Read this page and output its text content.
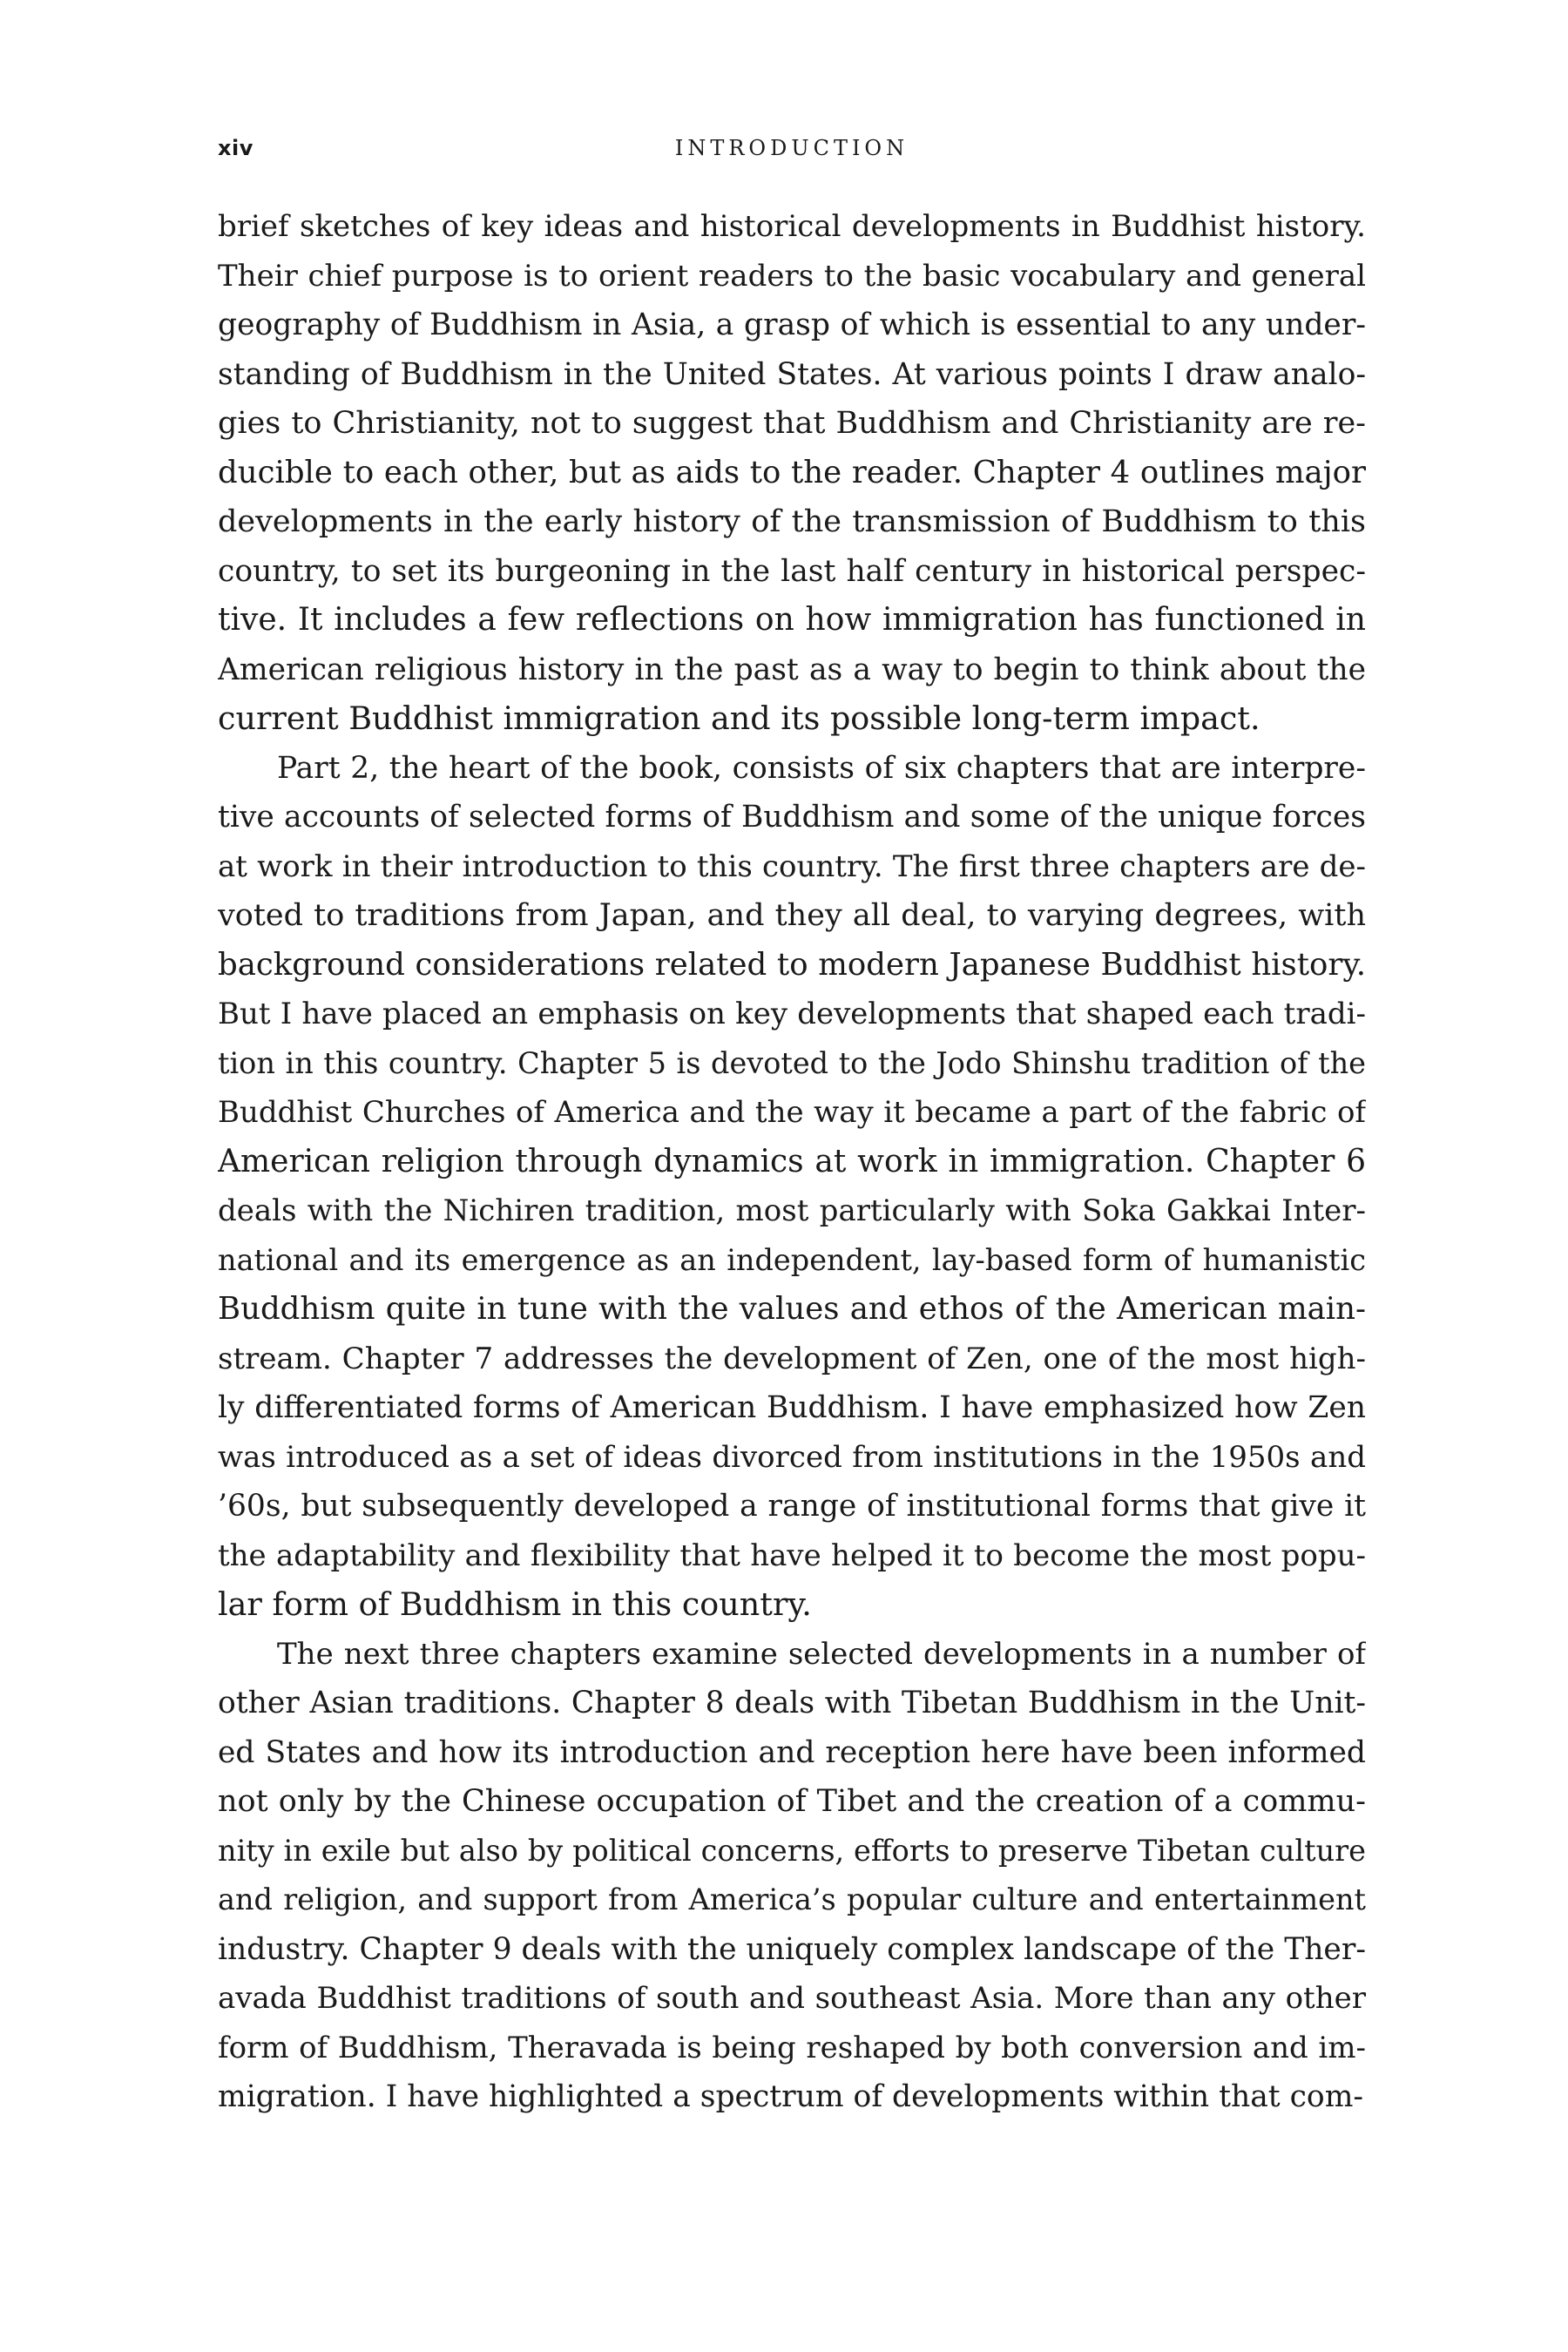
xiv	INTRODUCTION
brief sketches of key ideas and historical developments in Buddhist history.
Their chief purpose is to orient readers to the basic vocabulary and general
geography of Buddhism in Asia, a grasp of which is essential to any under-
standing of Buddhism in the United States. At various points I draw analo-
gies to Christianity, not to suggest that Buddhism and Christianity are re-
ducible to each other, but as aids to the reader. Chapter 4 outlines major
developments in the early history of the transmission of Buddhism to this
country, to set its burgeoning in the last half century in historical perspec-
tive. It includes a few reflections on how immigration has functioned in
American religious history in the past as a way to begin to think about the
current Buddhist immigration and its possible long-term impact.
Part 2, the heart of the book, consists of six chapters that are interpre-
tive accounts of selected forms of Buddhism and some of the unique forces
at work in their introduction to this country. The first three chapters are de-
voted to traditions from Japan, and they all deal, to varying degrees, with
background considerations related to modern Japanese Buddhist history.
But I have placed an emphasis on key developments that shaped each tradi-
tion in this country. Chapter 5 is devoted to the Jodo Shinshu tradition of the
Buddhist Churches of America and the way it became a part of the fabric of
American religion through dynamics at work in immigration. Chapter 6
deals with the Nichiren tradition, most particularly with Soka Gakkai Inter-
national and its emergence as an independent, lay-based form of humanistic
Buddhism quite in tune with the values and ethos of the American main-
stream. Chapter 7 addresses the development of Zen, one of the most high-
ly differentiated forms of American Buddhism. I have emphasized how Zen
was introduced as a set of ideas divorced from institutions in the 1950s and
’60s, but subsequently developed a range of institutional forms that give it
the adaptability and flexibility that have helped it to become the most popu-
lar form of Buddhism in this country.
The next three chapters examine selected developments in a number of
other Asian traditions. Chapter 8 deals with Tibetan Buddhism in the Unit-
ed States and how its introduction and reception here have been informed
not only by the Chinese occupation of Tibet and the creation of a commu-
nity in exile but also by political concerns, efforts to preserve Tibetan culture
and religion, and support from America’s popular culture and entertainment
industry. Chapter 9 deals with the uniquely complex landscape of the Ther-
avada Buddhist traditions of south and southeast Asia. More than any other
form of Buddhism, Theravada is being reshaped by both conversion and im-
migration. I have highlighted a spectrum of developments within that com-
